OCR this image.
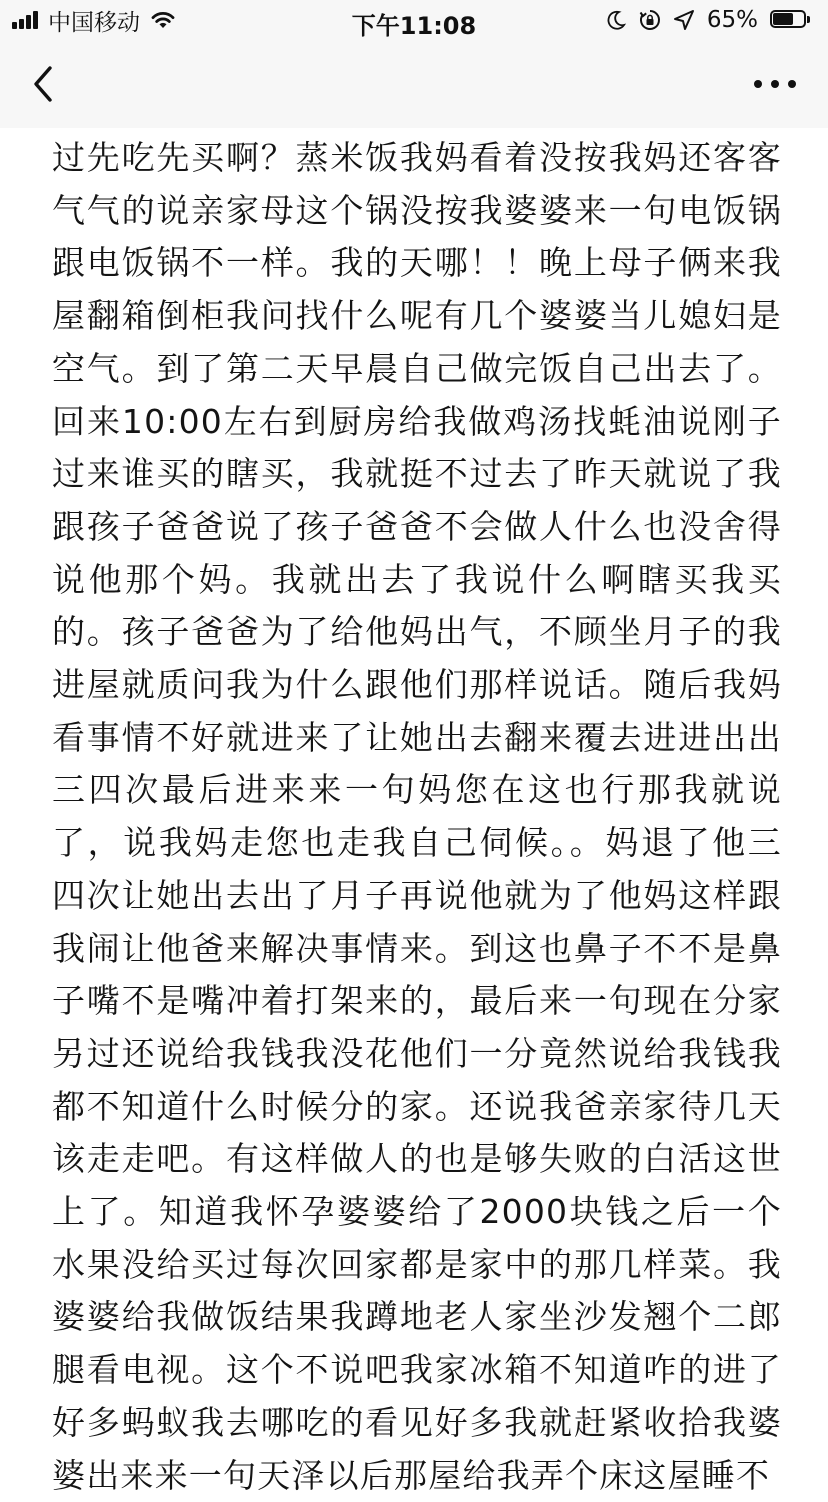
中国移动	下午11:08	65%

过先吃先买啊？蒸米饭我妈看着没按我妈还客客气气的说亲家母这个锅没按我婆婆来一句电饭锅跟电饭锅不一样。我的天哪！！晚上母子俩来我屋翻箱倒柜我问找什么呢有几个婆婆当儿媳妇是空气。到了第二天早晨自己做完饭自己出去了。回来10:00左右到厨房给我做鸡汤找蚝油说刚子过来谁买的瞎买，我就挺不过去了昨天就说了我跟孩子爸爸说了孩子爸爸不会做人什么也没舍得说他那个妈。我就出去了我说什么啊瞎买我买的。孩子爸爸为了给他妈出气，不顾坐月子的我进屋就质问我为什么跟他们那样说话。随后我妈看事情不好就进来了让她出去翻来覆去进进出出三四次最后进来来一句妈您在这也行那我就说了，说我妈走您也走我自己伺候。。妈退了他三四次让她出去出了月子再说他就为了他妈这样跟我闹让他爸来解决事情来。到这也鼻子不不是鼻子嘴不是嘴冲着打架来的，最后来一句现在分家另过还说给我钱我没花他们一分竟然说给我钱我都不知道什么时候分的家。还说我爸亲家待几天该走走吧。有这样做人的也是够失败的白活这世上了。知道我怀孕婆婆给了2000块钱之后一个水果没给买过每次回家都是家中的那几样菜。我婆婆给我做饭结果我蹲地老人家坐沙发翘个二郎腿看电视。这个不说吧我家冰箱不知道咋的进了好多蚂蚁我去哪吃的看见好多我就赶紧收拾我婆婆出来来一句天泽以后那屋给我弄个床这屋睡不
